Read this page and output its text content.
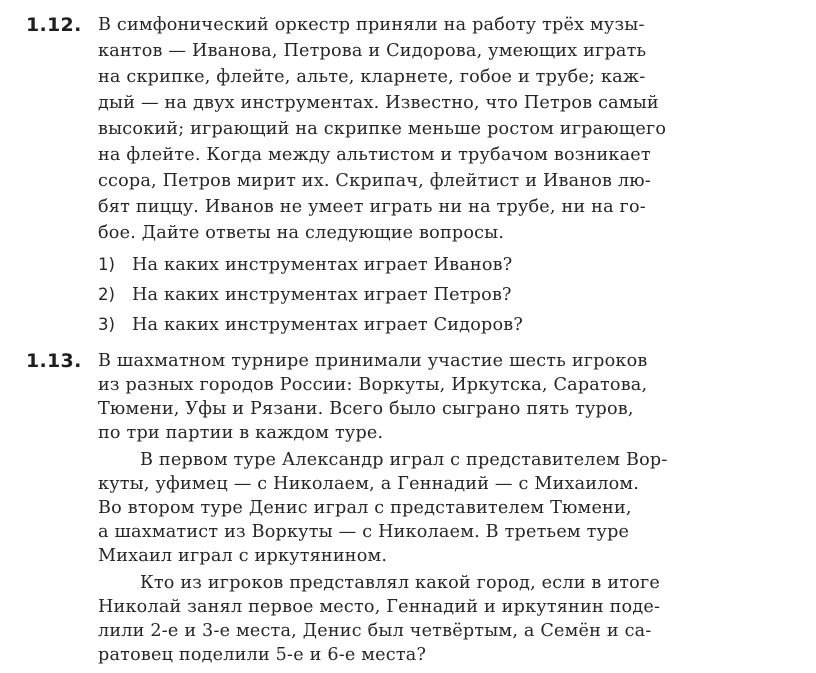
1.12. В симфонический оркестр приняли на работу трёх музы-
кантов — Иванова, Петрова и Сидорова, умеющих играть
на скрипке, флейте, альте, кларнете, гобое и трубе; каж-
дый — на двух инструментах. Известно, что Петров самый
высокий; играющий на скрипке меньше ростом играющего
на флейте. Когда между альтистом и трубачом возникает
ссора, Петров мирит их. Скрипач, флейтист и Иванов лю-
бят пиццу. Иванов не умеет играть ни на трубе, ни на го-
бое. Дайте ответы на следующие вопросы.
1) На каких инструментах играет Иванов?
2) На каких инструментах играет Петров?
3) На каких инструментах играет Сидоров?
1.13. В шахматном турнире принимали участие шесть игроков
из разных городов России: Воркуты, Иркутска, Саратова,
Тюмени, Уфы и Рязани. Всего было сыграно пять туров,
по три партии в каждом туре.
В первом туре Александр играл с представителем Вор-
куты, уфимец — с Николаем, а Геннадий — с Михаилом.
Во втором туре Денис играл с представителем Тюмени,
а шахматист из Воркуты — с Николаем. В третьем туре
Михаил играл с иркутянином.
Кто из игроков представлял какой город, если в итоге
Николай занял первое место, Геннадий и иркутянин поде-
лили 2-е и 3-е места, Денис был четвёртым, а Семён и са-
ратовец поделили 5-е и 6-е места?
